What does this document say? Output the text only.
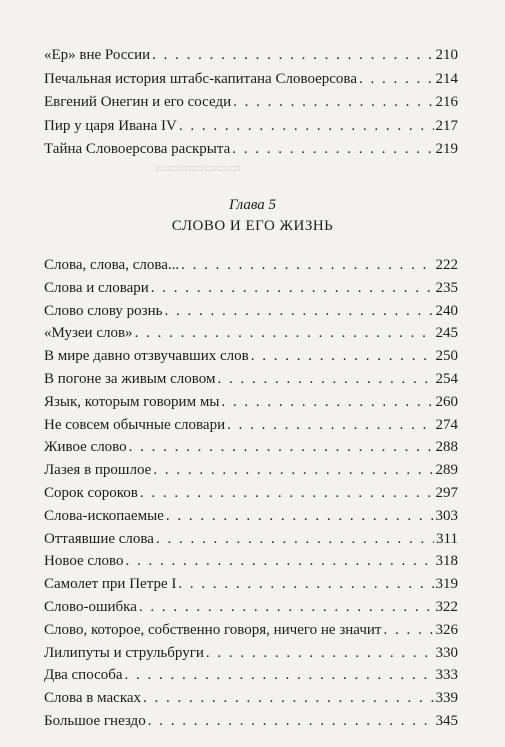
▭▭▭▭▭▭▭
«Ер» вне России . . .	210
Печальная история штабс-капитана Словоерсова . . .	214
Евгений Онегин и его соседи . . .	216
Пир у царя Ивана IV . . .	217
Тайна Словоерсова раскрыта . . .	219
Глава 5
СЛОВО И ЕГО ЖИЗНЬ
Слова, слова, слова... . . .	222
Слова и словари . . .	235
Слово слову рознь . . .	240
«Музеи слов» . . .	245
В мире давно отзвучавших слов . . .	250
В погоне за живым словом . . .	254
Язык, которым говорим мы . . .	260
Не совсем обычные словари . . .	274
Живое слово . . .	288
Лазея в прошлое . . .	289
Сорок сороков . . .	297
Слова-ископаемые . . .	303
Оттаявшие слова . . .	311
Новое слово . . .	318
Самолет при Петре I . . .	319
Слово-ошибка . . .	322
Слово, которое, собственно говоря, ничего не значит . . .	326
Лилипуты и струльбруги . . .	330
Два способа . . .	333
Слова в масках . . .	339
Большое гнездо . . .	345
